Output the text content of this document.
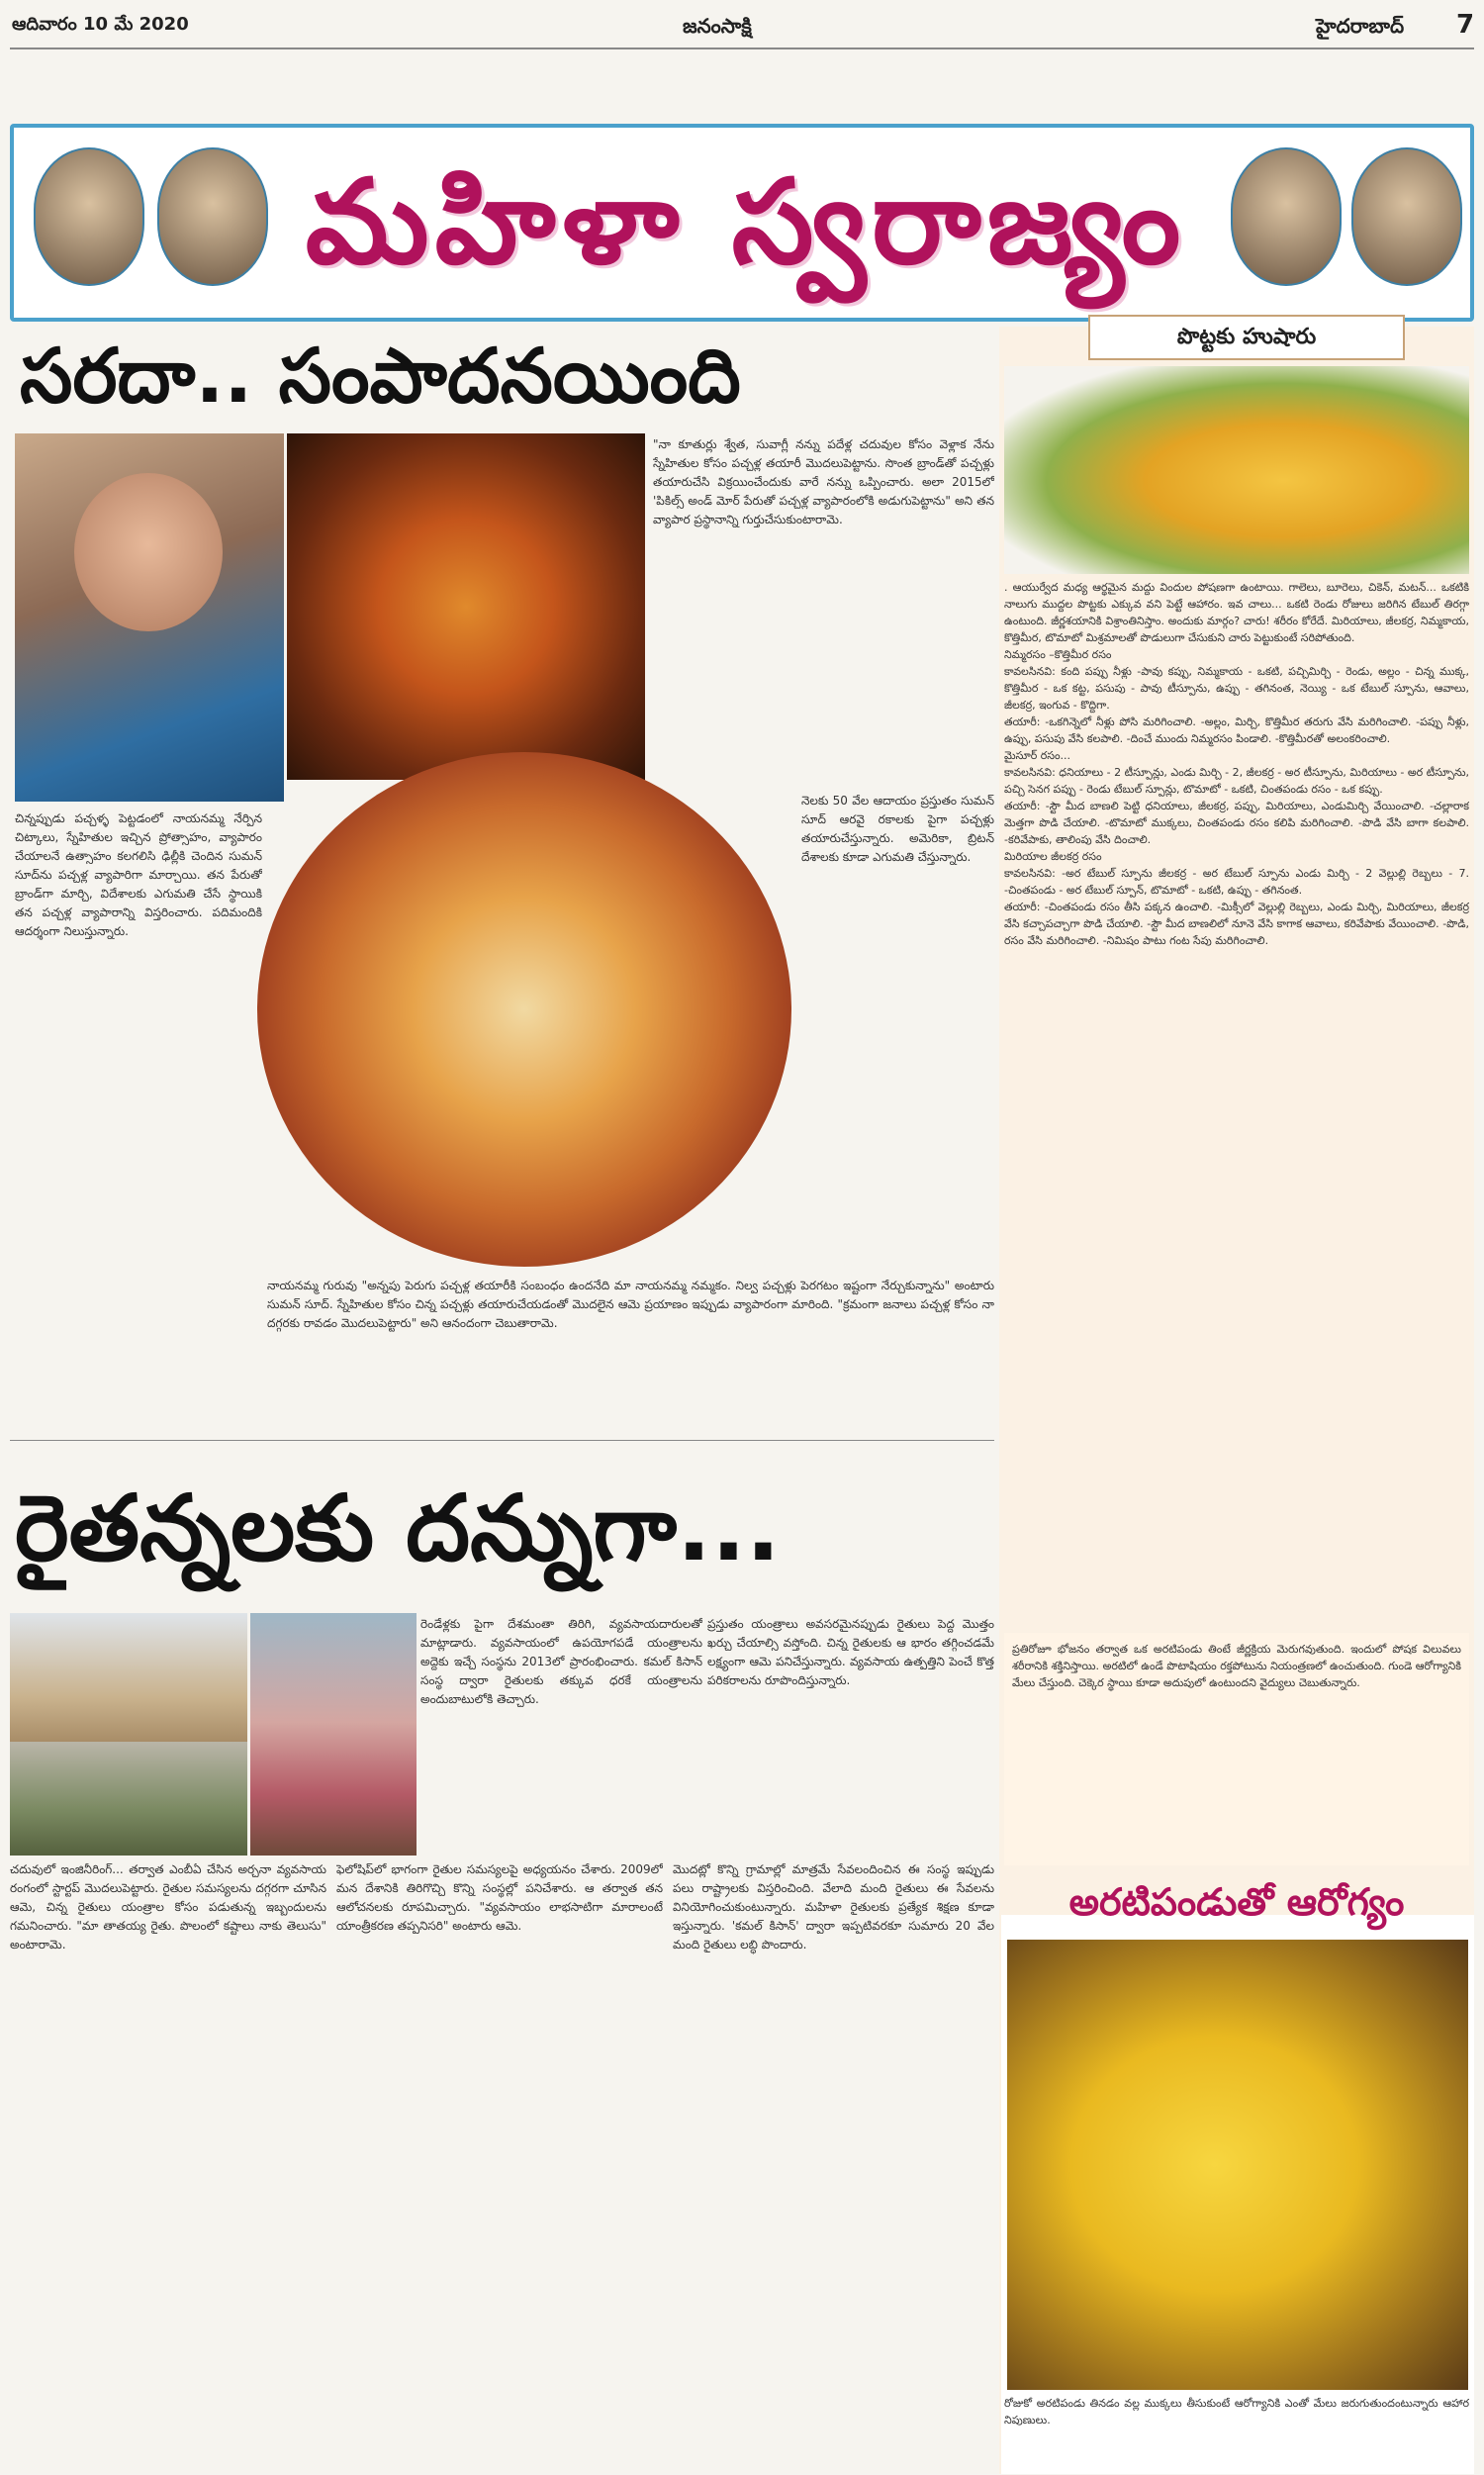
ఆదివారం 10 మే 2020	జనంసాక్షి	హైదరాబాద్ 7
మహిళా స్వరాజ్యం
సరదా.. సంపాదనయింది
"నా కూతుర్లు శ్వేత, సువాగ్లీ నన్ను పదేళ్ల చదువుల కోసం వెళ్లాక నేను స్నేహితుల కోసం పచ్చళ్ల తయారీ మొదలుపెట్టాను. సొంత బ్రాండ్‌తో పచ్చళ్లు తయారుచేసి విక్రయించేందుకు వారే నన్ను ఒప్పించారు. అలా 2015లో 'పికిల్స్ అండ్ మోర్ పేరుతో పచ్చళ్ల వ్యాపారంలోకి అడుగుపెట్టాను" అని తన వ్యాపార ప్రస్థానాన్ని గుర్తుచేసుకుంటారామె.
చిన్నప్పుడు పచ్చళ్ళ పెట్టడంలో నాయనమ్మ నేర్పిన చిట్కాలు, స్నేహితుల ఇచ్చిన ప్రోత్సాహం, వ్యాపారం చేయాలనే ఉత్సాహం కలగలిసి ఢిల్లీకి చెందిన సుమన్ సూద్‌ను పచ్చళ్ల వ్యాపారిగా మార్చాయి. తన పేరుతో బ్రాండ్‌గా మార్చి, విదేశాలకు ఎగుమతి చేసే స్థాయికి తన పచ్చళ్ల వ్యాపారాన్ని విస్తరించారు. పదిమందికి ఆదర్శంగా నిలుస్తున్నారు.
నెలకు 50 వేల ఆదాయం ప్రస్తుతం సుమన్ సూద్ ఆరవై రకాలకు పైగా పచ్చళ్లు తయారుచేస్తున్నారు. అమెరికా, బ్రిటన్ దేశాలకు కూడా ఎగుమతి చేస్తున్నారు.
నాయనమ్మ గురువు "అన్నపు పెరుగు పచ్చళ్ల తయారీకి సంబంధం ఉందనేది మా నాయనమ్మ నమ్మకం. నిల్వ పచ్చళ్లు పెరగటం ఇష్టంగా నేర్చుకున్నాను" అంటారు సుమన్ సూద్. స్నేహితుల కోసం చిన్న పచ్చళ్లు తయారుచేయడంతో మొదలైన ఆమె ప్రయాణం ఇప్పుడు వ్యాపారంగా మారింది. "క్రమంగా జనాలు పచ్చళ్ల కోసం నా దగ్గరకు రావడం మొదలుపెట్టారు" అని ఆనందంగా చెబుతారామె.
రైతన్నలకు దన్నుగా...
రెండేళ్లకు పైగా దేశమంతా తిరిగి, వ్యవసాయదారులతో మాట్లాడారు. వ్యవసాయంలో ఉపయోగపడే యంత్రాలను అద్దెకు ఇచ్చే సంస్థను 2013లో ప్రారంభించారు. కమల్ కిసాన్ సంస్థ ద్వారా రైతులకు తక్కువ ధరకే యంత్రాలను అందుబాటులోకి తెచ్చారు.
ప్రస్తుతం యంత్రాలు అవసరమైనప్పుడు రైతులు పెద్ద మొత్తం ఖర్చు చేయాల్సి వస్తోంది. చిన్న రైతులకు ఆ భారం తగ్గించడమే లక్ష్యంగా ఆమె పనిచేస్తున్నారు. వ్యవసాయ ఉత్పత్తిని పెంచే కొత్త పరికరాలను రూపొందిస్తున్నారు.
చదువులో ఇంజినీరింగ్... తర్వాత ఎంబీఏ చేసిన అర్చనా వ్యవసాయ రంగంలో స్టార్టప్ మొదలుపెట్టారు. రైతుల సమస్యలను దగ్గరగా చూసిన ఆమె, చిన్న రైతులు యంత్రాల కోసం పడుతున్న ఇబ్బందులను గమనించారు. "మా తాతయ్య రైతు. పొలంలో కష్టాలు నాకు తెలుసు" అంటారామె.
ఫెలోషిప్‌లో భాగంగా రైతుల సమస్యలపై అధ్యయనం చేశారు. 2009లో మన దేశానికి తిరిగొచ్చి కొన్ని సంస్థల్లో పనిచేశారు. ఆ తర్వాత తన ఆలోచనలకు రూపమిచ్చారు. "వ్యవసాయం లాభసాటిగా మారాలంటే యాంత్రీకరణ తప్పనిసరి" అంటారు ఆమె.
మొదట్లో కొన్ని గ్రామాల్లో మాత్రమే సేవలందించిన ఈ సంస్థ ఇప్పుడు పలు రాష్ట్రాలకు విస్తరించింది. వేలాది మంది రైతులు ఈ సేవలను వినియోగించుకుంటున్నారు. మహిళా రైతులకు ప్రత్యేక శిక్షణ కూడా ఇస్తున్నారు. 'కమల్ కిసాన్' ద్వారా ఇప్పటివరకూ సుమారు 20 వేల మంది రైతులు లబ్ధి పొందారు.
పొట్టకు హుషారు
. ఆయుర్వేద మధ్య ఆర్థమైన మద్దు విందుల పోషణగా ఉంటాయి. గాలెలు, బూరెలు, చికెన్, మటన్... ఒకటికి నాలుగు ముద్దల పొట్టకు ఎక్కువ వని పెట్టే ఆహారం. ఇవ చాలు... ఒకటి రెండు రోజులు జరిగిన టేబుల్ తిరగ్గా ఉంటుంది. జీర్ణశయానికి విశ్రాంతినిస్తాం. అందుకు మార్గం? చారు! శరీరం కోరేదే. మిరియాలు, జీలకర్ర, నిమ్మకాయ, కొత్తిమీర, టొమాటో మిశ్రమాలతో పొడులుగా చేసుకుని చారు పెట్టుకుంటే సరిపోతుంది.
నిమ్మరసం –కొత్తిమీర రసం
కావలసినవి: కంది పప్పు నీళ్లు -పావు కప్పు, నిమ్మకాయ - ఒకటి, పచ్చిమిర్చి - రెండు, అల్లం - చిన్న ముక్క, కొత్తిమీర - ఒక కట్ట, పసుపు - పావు టీస్పూను, ఉప్పు - తగినంత, నెయ్యి - ఒక టేబుల్ స్పూను, ఆవాలు, జీలకర్ర, ఇంగువ - కొద్దిగా.
తయారీ: -ఒకగిన్నెలో నీళ్లు పోసి మరిగించాలి. -అల్లం, మిర్చి, కొత్తిమీర తరుగు వేసి మరిగించాలి. -పప్పు నీళ్లు, ఉప్పు, పసుపు వేసి కలపాలి. -దించే ముందు నిమ్మరసం పిండాలి. -కొత్తిమీరతో అలంకరించాలి.
మైసూర్ రసం...
కావలసినవి: ధనియాలు - 2 టీస్పూన్లు, ఎండు మిర్చి - 2, జీలకర్ర - అర టీస్పూను, మిరియాలు - అర టీస్పూను, పచ్చి సెనగ పప్పు - రెండు టేబుల్ స్పూన్లు, టొమాటో - ఒకటి, చింతపండు రసం - ఒక కప్పు.
తయారీ: -స్టౌ మీద బాణలి పెట్టి ధనియాలు, జీలకర్ర, పప్పు, మిరియాలు, ఎండుమిర్చి వేయించాలి. -చల్లారాక మెత్తగా పొడి చేయాలి. -టొమాటో ముక్కలు, చింతపండు రసం కలిపి మరిగించాలి. -పొడి వేసి బాగా కలపాలి. -కరివేపాకు, తాలింపు వేసి దించాలి.
మిరియాల జీలకర్ర రసం
కావలసినవి: -అర టేబుల్ స్పూను జీలకర్ర - అర టేబుల్ స్పూను ఎండు మిర్చి - 2 వెల్లుల్లి రెబ్బలు - 7. -చింతపండు - అర టేబుల్ స్పూన్, టొమాటో - ఒకటి, ఉప్పు - తగినంత.
తయారీ: -చింతపండు రసం తీసి పక్కన ఉంచాలి. -మిక్సీలో వెల్లుల్లి రెబ్బలు, ఎండు మిర్చి, మిరియాలు, జీలకర్ర వేసి కచ్చాపచ్చాగా పొడి చేయాలి. -స్టౌ మీద బాణలిలో నూనె వేసి కాగాక ఆవాలు, కరివేపాకు వేయించాలి. -పొడి, రసం వేసి మరిగించాలి. -నిమిషం పాటు గంట సేపు మరిగించాలి.
ప్రతిరోజూ భోజనం తర్వాత ఒక అరటిపండు తింటే జీర్ణక్రియ మెరుగవుతుంది. ఇందులో పోషక విలువలు శరీరానికి శక్తినిస్తాయి. అరటిలో ఉండే పొటాషియం రక్తపోటును నియంత్రణలో ఉంచుతుంది. గుండె ఆరోగ్యానికి మేలు చేస్తుంది. చెక్కెర స్థాయి కూడా అదుపులో ఉంటుందని వైద్యులు చెబుతున్నారు.
అరటిపండుతో ఆరోగ్యం
రోజుకో అరటిపండు తినడం వల్ల ముక్కలు తీసుకుంటే ఆరోగ్యానికి ఎంతో మేలు జరుగుతుందంటున్నారు ఆహార నిపుణులు.
